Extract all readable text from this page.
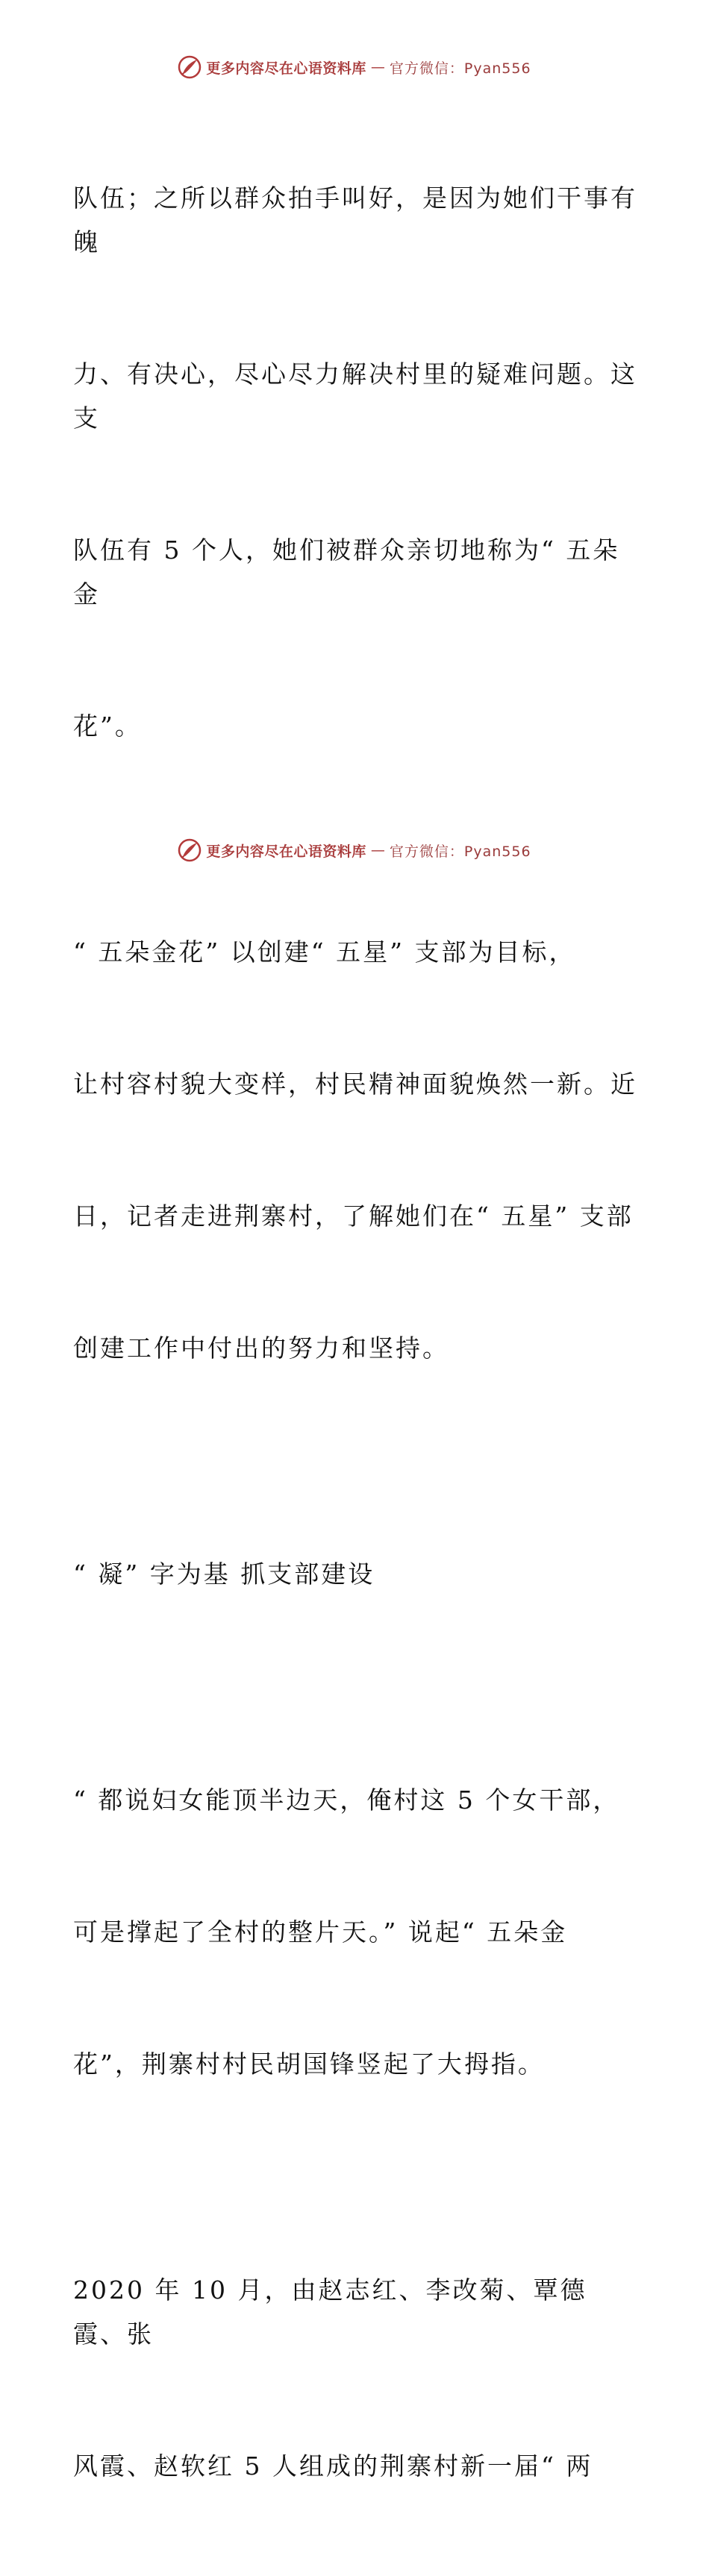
更多内容尽在心语资料库 — 官方微信：Pyan556

队伍；之所以群众拍手叫好，是因为她们干事有魄

力、有决心，尽心尽力解决村里的疑难问题。这支

队伍有 5 个人，她们被群众亲切地称为“ 五朵金

花”。

“ 五朵金花” 以创建“ 五星” 支部为目标，

让村容村貌大变样，村民精神面貌焕然一新。近

日，记者走进荆寨村，了解她们在“ 五星” 支部

创建工作中付出的努力和坚持。

“ 凝” 字为基 抓支部建设

“ 都说妇女能顶半边天，俺村这 5 个女干部，

可是撑起了全村的整片天。” 说起“ 五朵金

花”，荆寨村村民胡国锋竖起了大拇指。

2020 年 10 月，由赵志红、李改菊、覃德霞、张

风霞、赵软红 5 人组成的荆寨村新一届“ 两

更多内容尽在心语资料库 — 官方微信：Pyan556
